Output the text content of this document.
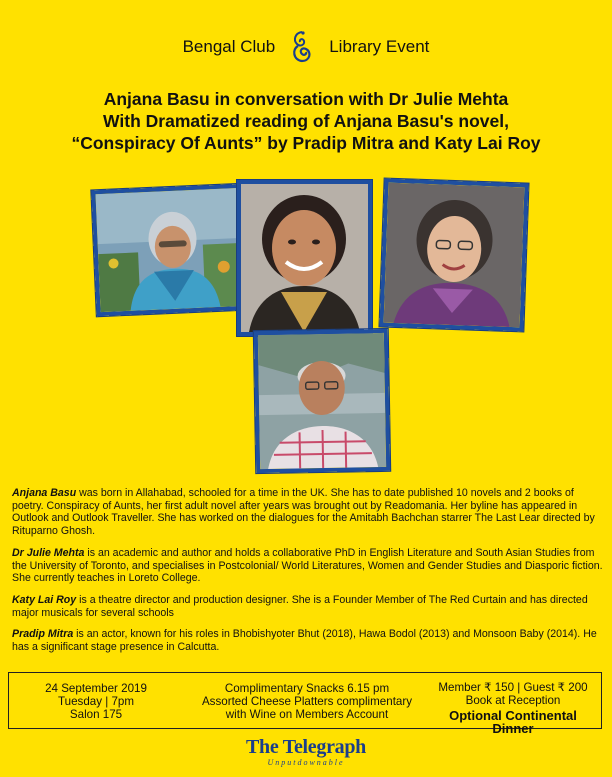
Bengal Club	Library Event
Anjana Basu in conversation with Dr Julie Mehta
With Dramatized reading of Anjana Basu's novel,
“Conspiracy Of Aunts” by Pradip Mitra and Katy Lai Roy

Anjana Basu was born in Allahabad, schooled for a time in the UK. She has to date published 10 novels and 2 books of poetry. Conspiracy of Aunts, her first adult novel after years was brought out by Readomania. Her byline has appeared in Outlook and Outlook Traveller. She has worked on the dialogues for the Amitabh Bachchan starrer The Last Lear directed by Rituparno Ghosh.

Dr Julie Mehta is an academic and author and holds a collaborative PhD in English Literature and South Asian Studies from the University of Toronto, and specialises in Postcolonial/ World Literatures, Women and Gender Studies and Diasporic fiction. She currently teaches in Loreto College.

Katy Lai Roy is a theatre director and production designer. She is a Founder Member of The Red Curtain and has directed major musicals for several schools

Pradip Mitra is an actor, known for his roles in Bhobishyoter Bhut (2018), Hawa Bodol (2013) and Monsoon Baby (2014). He has a significant stage presence in Calcutta.

24 September 2019
Tuesday | 7pm
Salon 175
Complimentary Snacks 6.15 pm
Assorted Cheese Platters complimentary
with Wine on Members Account
Member ₹ 150 | Guest ₹ 200
Book at Reception
Optional Continental Dinner
The Telegraph
Unputdownable
